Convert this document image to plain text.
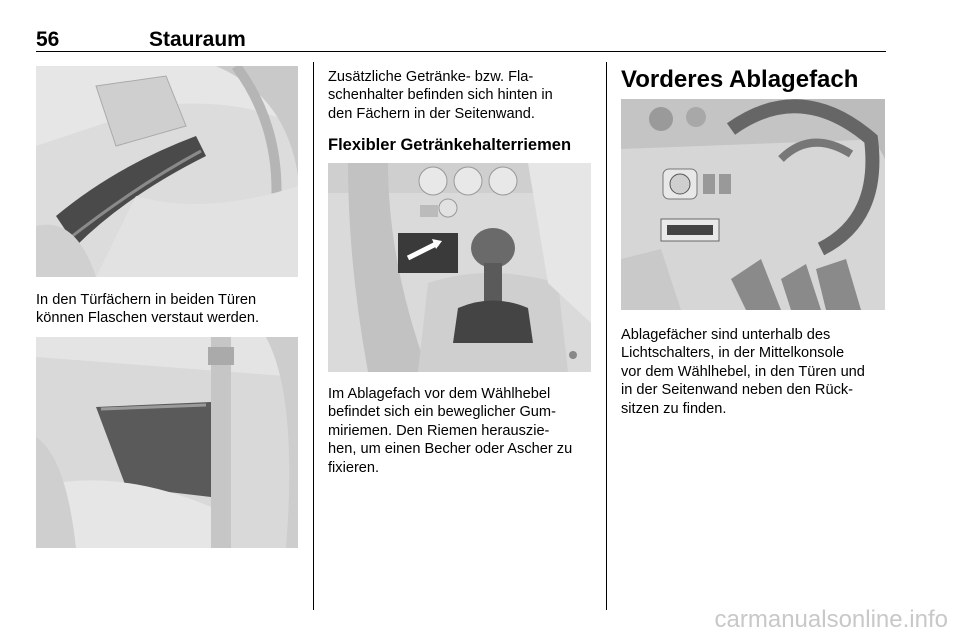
56	Stauraum
In den Türfächern in beiden Türen
können Flaschen verstaut werden.
Zusätzliche Getränke- bzw. Fla-
schenhalter befinden sich hinten in
den Fächern in der Seitenwand.
Flexibler Getränkehalterriemen
Im Ablagefach vor dem Wählhebel
befindet sich ein beweglicher Gum-
miriemen. Den Riemen herauszie-
hen, um einen Becher oder Ascher zu
fixieren.
Vorderes Ablagefach
Ablagefächer sind unterhalb des
Lichtschalters, in der Mittelkonsole
vor dem Wählhebel, in den Türen und
in der Seitenwand neben den Rück-
sitzen zu finden.
carmanualsonline.info
